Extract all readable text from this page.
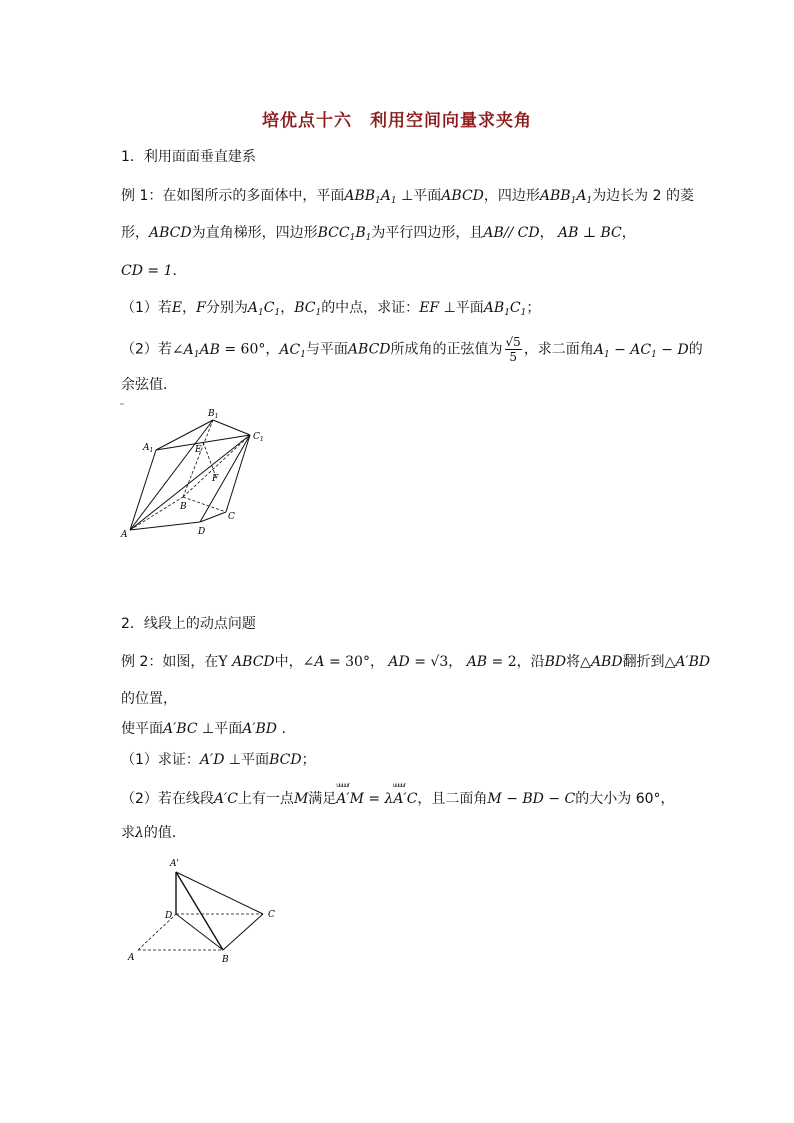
培优点十六　利用空间向量求夹角
1．利用面面垂直建系
例 1：在如图所示的多面体中，平面$ABB_1A_1$ ⊥平面ABCD，四边形$ABB_1A_1$为边长为 2 的菱
形，ABCD为直角梯形，四边形$BCC_1B_1$为平行四边形，且AB// CD， AB ⊥ BC，
CD = 1．
（1）若E，F分别为$A_1C_1$，$BC_1$的中点，求证：EF ⊥平面$AB_1C_1$；
（2）若$\angle A_1AB = 60^\circ$，$AC_1$与平面ABCD所成角的正弦值为 $\frac{√5}{5}$ ，求二面角$A_1 - AC_1 - D$的
余弦值．
A
B
C
D
E
F
$A_1$
$B_1$
$C_1$
2．线段上的动点问题
例 2：如图，在Y ABCD中，∠A = 30°， AD = √3， AB = 2，沿BD将△ABD翻折到△A′BD
的位置，
使平面A′BC ⊥平面A′BD .
（1）求证：A′D ⊥平面BCD；
（2）若在线段A′C上有一点M满足
uuuur
A′M =
uuuur
λA′C，且二面角M − BD − C的大小为 60°，
求λ的值．
A'
A	B
C
D
